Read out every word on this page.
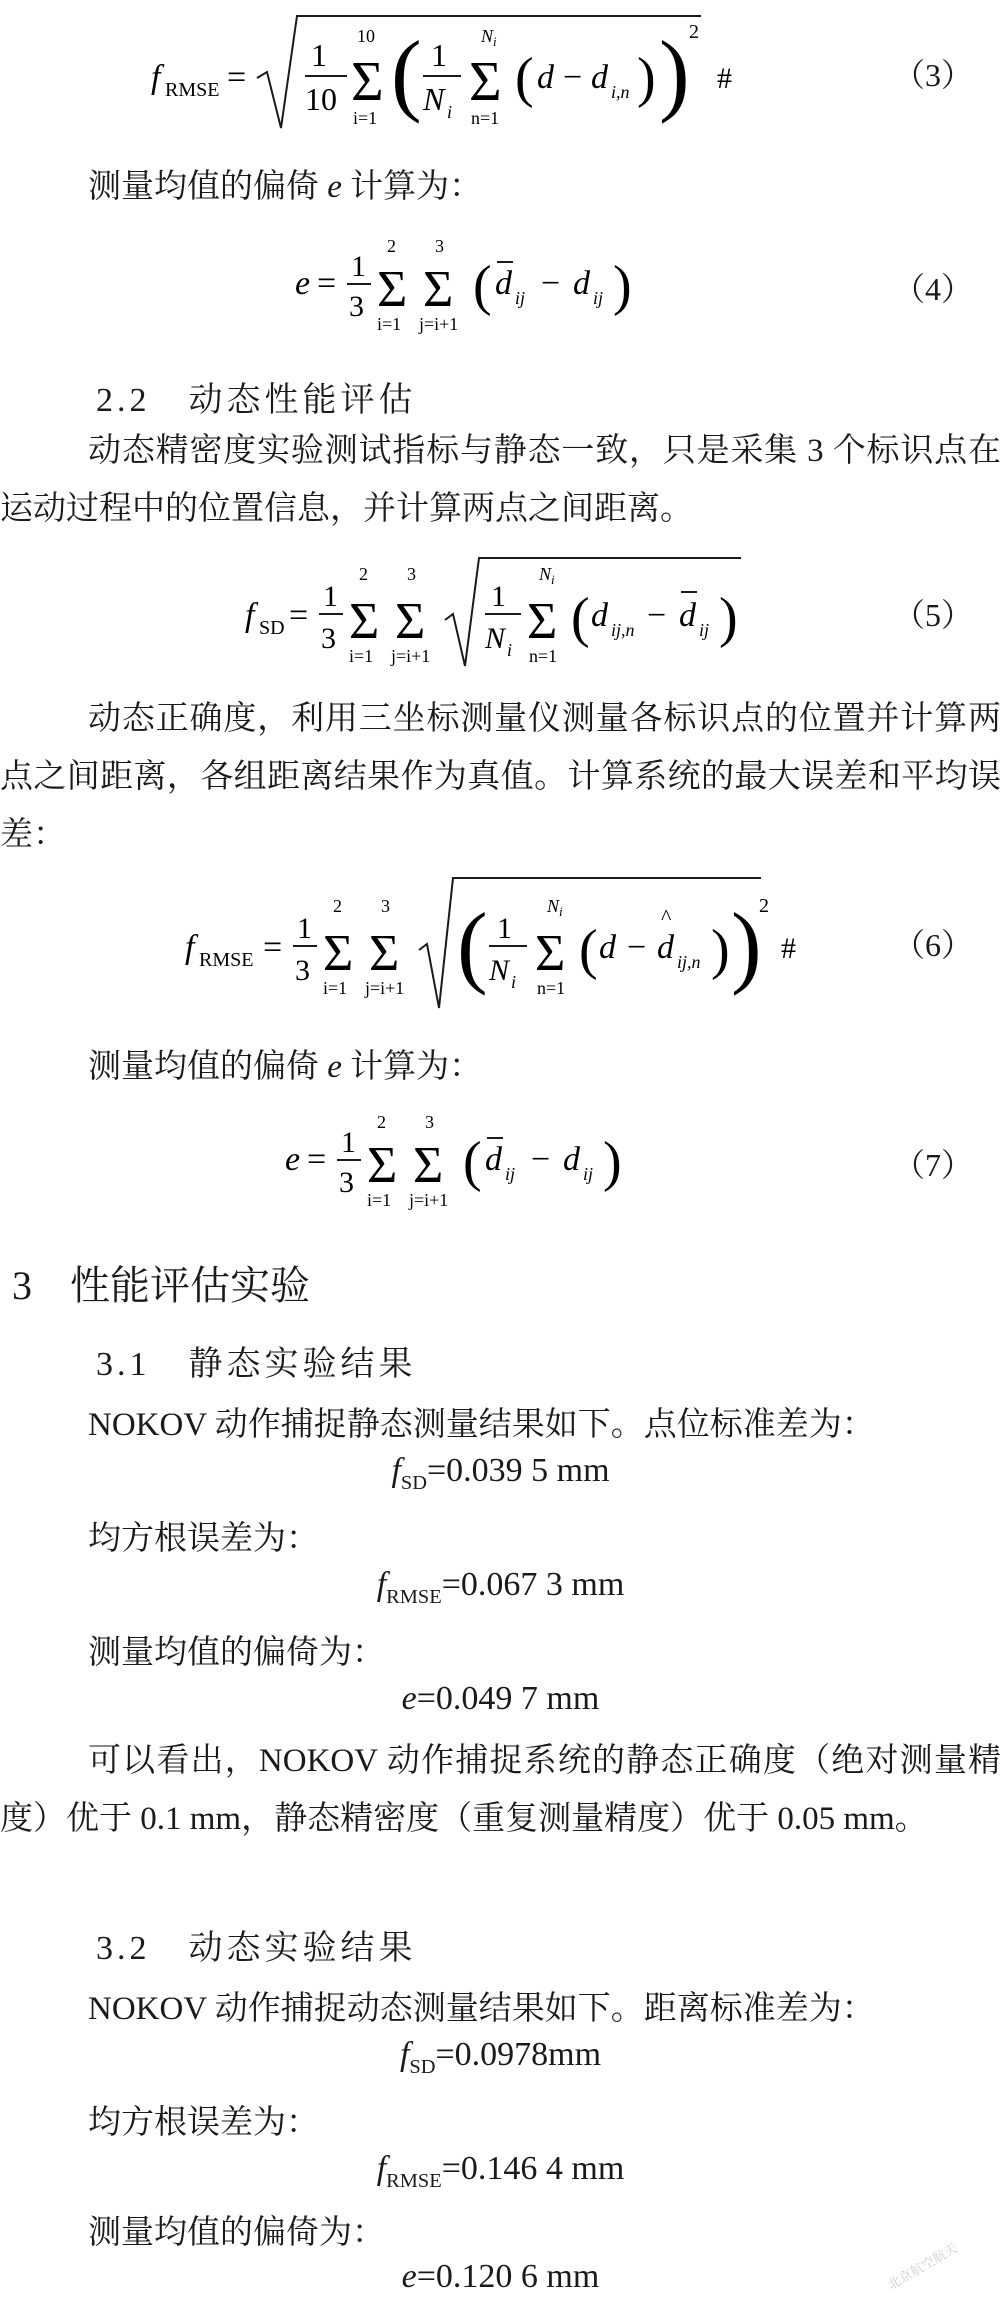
f RMSE =
1
10
10
Σ
i=1 ( 1
N i
N i
Σ
n=1
( d − d i,n ) ) 2
#	（3）
测量均值的偏倚 e 计算为：
e = 1
3
2
Σ
i=1
3
Σ
j=i+1
( d ij − d ij )	（4）
2.2　动态性能评估

动态精密度实验测试指标与静态一致，只是采集 3 个标识点在运动过程中的位置信息，并计算两点之间距离。

f SD =
1
3
2
Σ
i=1
3
Σ
j=i+1
1
N i
N i
Σ
n=1
( d ij,n − d ij )	（5）

动态正确度，利用三坐标测量仪测量各标识点的位置并计算两点之间距离，各组距离结果作为真值。计算系统的最大误差和平均误差：

f RMSE =
1
3
2
Σ
i=1
3
Σ
j=i+1 ( 1
N i
N i
Σ
n=1
( d −
^
d ij,n ) )
2
#	（6）
测量均值的偏倚 e 计算为：
e = 1
3
2
Σ
i=1
3
Σ
j=i+1
( d ij − d ij )	（7）
3 性能评估实验
3.1　静态实验结果
NOKOV 动作捕捉静态测量结果如下。点位标准差为：
$f_{SD}=0.039$ 5 mm
均方根误差为：
$f_{RMSE}=0.067$ 3 mm
测量均值的偏倚为：
e=0.049 7 mm

可以看出，NOKOV 动作捕捉系统的静态正确度（绝对测量精度）优于 0.1 mm，静态精密度（重复测量精度）优于 0.05 mm。

3.2　动态实验结果
NOKOV 动作捕捉动态测量结果如下。距离标准差为：
$f_{SD}=0.0978mm$
均方根误差为：
$f_{RMSE}=0.146$ 4 mm
测量均值的偏倚为：
e=0.120 6 mm	北京航空航天
